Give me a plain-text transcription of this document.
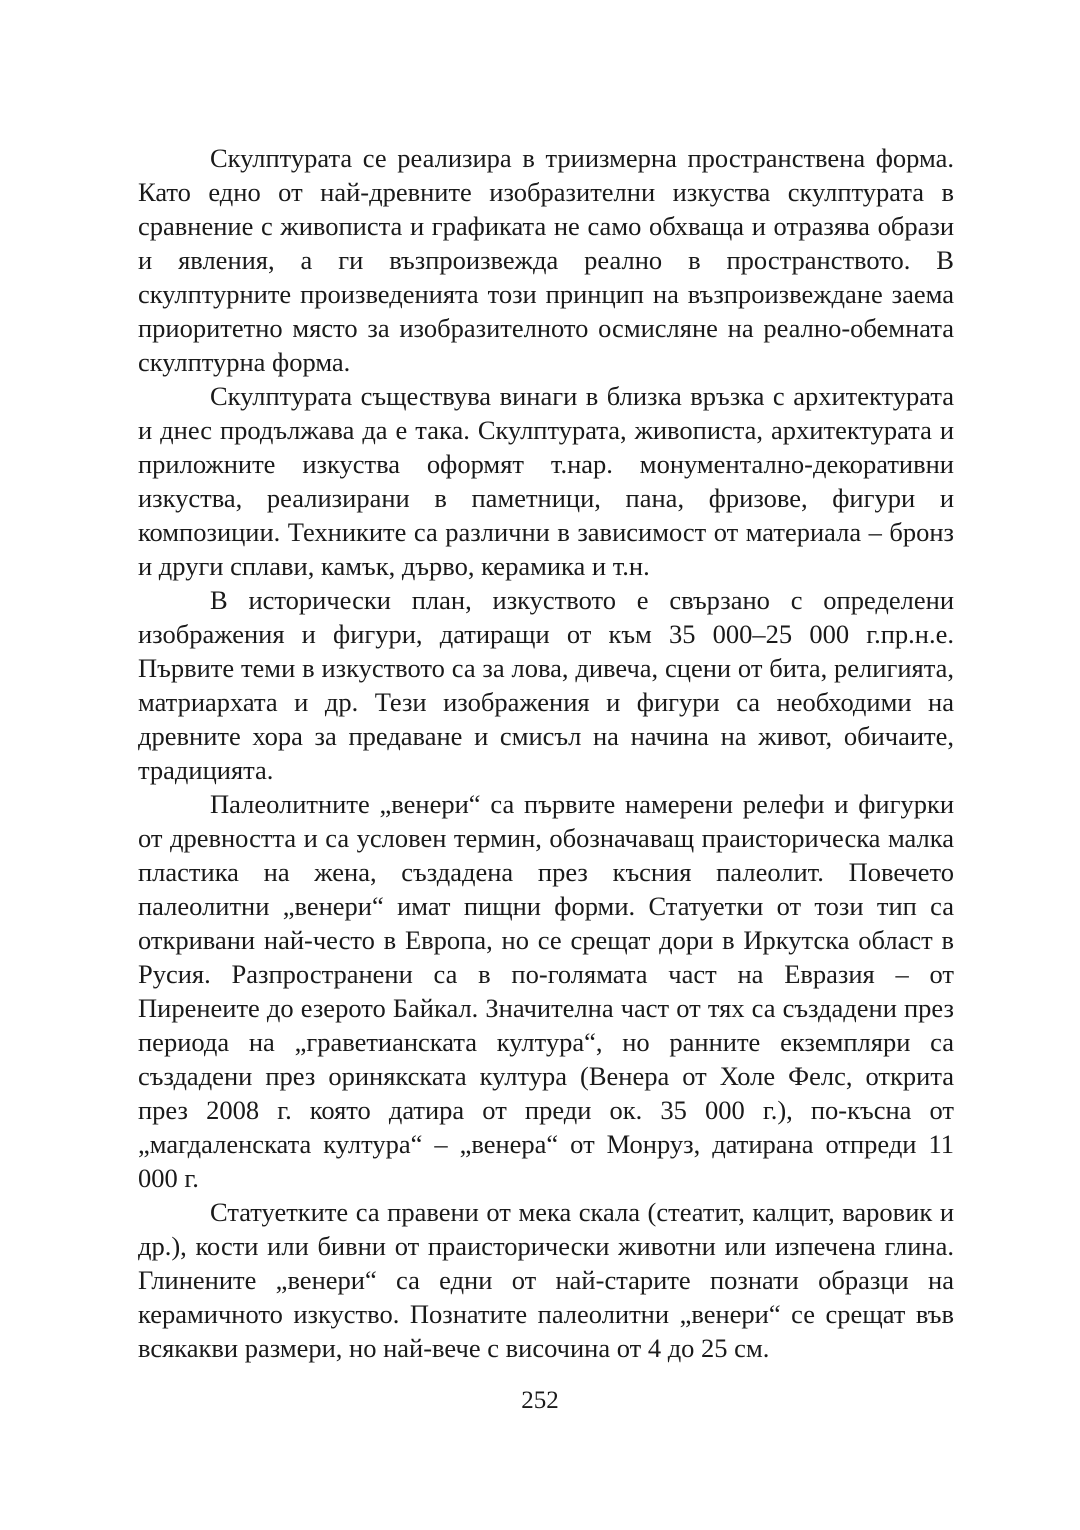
Скулптурата се реализира в триизмерна пространствена форма. Като едно от най-древните изобразителни изкуства скулптурата в сравнение с живописта и графиката не само обхваща и отразява образи и явления, а ги възпроизвежда реално в пространството. В скулптурните произведенията този принцип на възпроизвеждане заема приоритетно място за изобразителното осмисляне на реално-обемната скулптурна форма.

Скулптурата съществува винаги в близка връзка с архитектурата и днес продължава да е така. Скулптурата, живописта, архитектурата и приложните изкуства оформят т.нар. монументално-декоративни изкуства, реализирани в паметници, пана, фризове, фигури и композиции. Техниките са различни в зависимост от материала – бронз и други сплави, камък, дърво, керамика и т.н.

В исторически план, изкуството е свързано с определени изображения и фигури, датиращи от към 35 000–25 000 г.пр.н.е. Първите теми в изкуството са за лова, дивеча, сцени от бита, религията, матриархата и др. Тези изображения и фигури са необходими на древните хора за предаване и смисъл на начина на живот, обичаите, традицията.

Палеолитните „венери“ са първите намерени релефи и фигурки от древността и са условен термин, обозначаващ праисторическа малка пластика на жена, създадена през късния палеолит. Повечето палеолитни „венери“ имат пищни форми. Статуетки от този тип са откривани най-често в Европа, но се срещат дори в Иркутска област в Русия. Разпространени са в по-голямата част на Евразия – от Пиренеите до езерото Байкал. Значителна част от тях са създадени през периода на „граветианската култура“, но ранните екземпляри са създадени през оринякската култура (Венера от Холе Фелс, открита през 2008 г. която датира от преди ок. 35 000 г.), по-късна от „магдаленската култура“ – „венера“ от Монруз, датирана отпреди 11 000 г.

Статуетките са правени от мека скала (стеатит, калцит, варовик и др.), кости или бивни от праисторически животни или изпечена глина. Глинените „венери“ са едни от най-старите познати образци на керамичното изкуство. Познатите палеолитни „венери“ се срещат във всякакви размери, но най-вече с височина от 4 до 25 см.

252
